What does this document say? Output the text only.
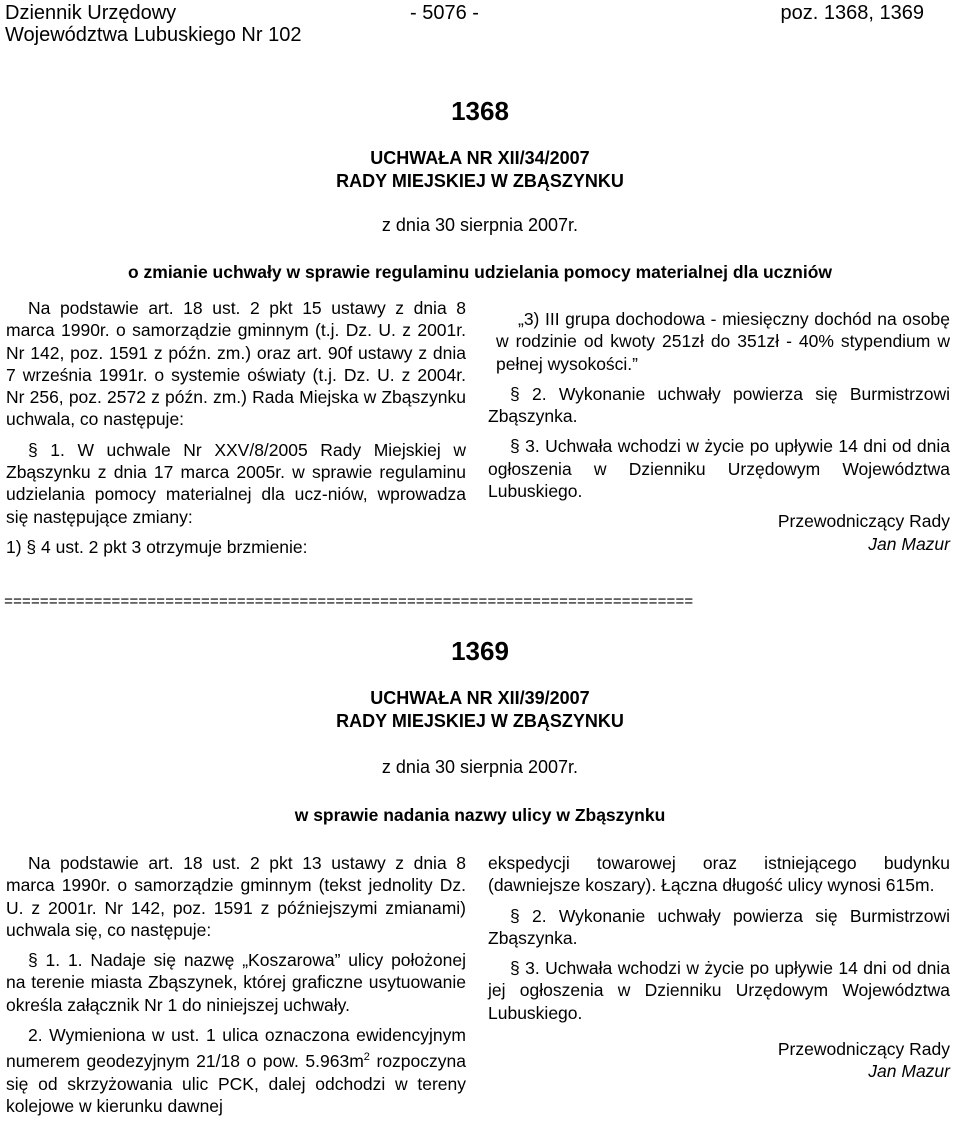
Dziennik Urzędowy
Województwa Lubuskiego Nr 102
- 5076 -	poz. 1368, 1369
1368
UCHWAŁA NR XII/34/2007
RADY MIEJSKIEJ W ZBĄSZYNKU
z dnia 30 sierpnia 2007r.
o zmianie uchwały w sprawie regulaminu udzielania pomocy materialnej dla uczniów

Na podstawie art. 18 ust. 2 pkt 15 ustawy z dnia 8 marca 1990r. o samorządzie gminnym (t.j. Dz. U. z 2001r. Nr 142, poz. 1591 z późn. zm.) oraz art. 90f ustawy z dnia 7 września 1991r. o systemie oświaty (t.j. Dz. U. z 2004r. Nr 256, poz. 2572 z późn. zm.) Rada Miejska w Zbąszynku uchwala, co następuje:

§ 1. W uchwale Nr XXV/8/2005 Rady Miejskiej w Zbąszynku z dnia 17 marca 2005r. w sprawie regulaminu udzielania pomocy materialnej dla ucz-niów, wprowadza się następujące zmiany:

1) § 4 ust. 2 pkt 3 otrzymuje brzmienie:

„3) III grupa dochodowa - miesięczny dochód na osobę w rodzinie od kwoty 251zł do 351zł - 40% stypendium w pełnej wysokości.”

§ 2. Wykonanie uchwały powierza się Burmistrzowi Zbąszynka.

§ 3. Uchwała wchodzi w życie po upływie 14 dni od dnia ogłoszenia w Dzienniku Urzędowym Województwa Lubuskiego.

Przewodniczący Rady

Jan Mazur

=============================================================================
1369
UCHWAŁA NR XII/39/2007
RADY MIEJSKIEJ W ZBĄSZYNKU
z dnia 30 sierpnia 2007r.
w sprawie nadania nazwy ulicy w Zbąszynku

Na podstawie art. 18 ust. 2 pkt 13 ustawy z dnia 8 marca 1990r. o samorządzie gminnym (tekst jednolity Dz. U. z 2001r. Nr 142, poz. 1591 z późniejszymi zmianami) uchwala się, co następuje:

§ 1. 1. Nadaje się nazwę „Koszarowa” ulicy położonej na terenie miasta Zbąszynek, której graficzne usytuowanie określa załącznik Nr 1 do niniejszej uchwały.

2. Wymieniona w ust. 1 ulica oznaczona ewidencyjnym numerem geodezyjnym 21/18 o pow. $5.963m^2$ rozpoczyna się od skrzyżowania ulic PCK, dalej odchodzi w tereny kolejowe w kierunku dawnej

ekspedycji towarowej oraz istniejącego budynku (dawniejsze koszary). Łączna długość ulicy wynosi 615m.

§ 2. Wykonanie uchwały powierza się Burmistrzowi Zbąszynka.

§ 3. Uchwała wchodzi w życie po upływie 14 dni od dnia jej ogłoszenia w Dzienniku Urzędowym Województwa Lubuskiego.

Przewodniczący Rady

Jan Mazur
